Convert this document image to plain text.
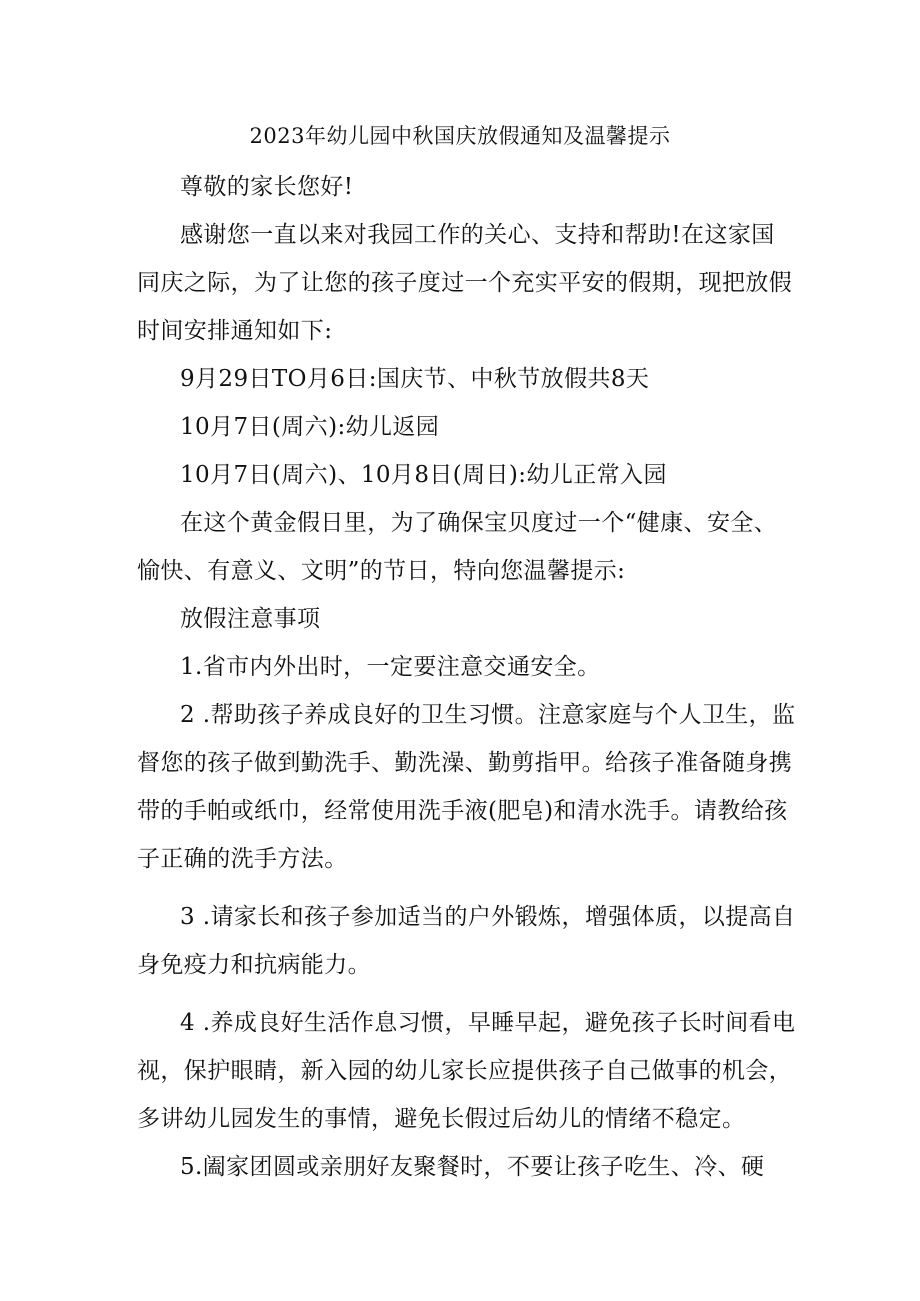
2023年幼儿园中秋国庆放假通知及温馨提示

尊敬的家长您好!

感谢您一直以来对我园工作的关心、支持和帮助!在这家国同庆之际，为了让您的孩子度过一个充实平安的假期，现把放假时间安排通知如下:

9月29日TO月6日:国庆节、中秋节放假共8天

10月7日(周六):幼儿返园

10月7日(周六)、10月8日(周日):幼儿正常入园

在这个黄金假日里，为了确保宝贝度过一个“健康、安全、愉快、有意义、文明”的节日，特向您温馨提示:

放假注意事项

1.省市内外出时，一定要注意交通安全。

2 .帮助孩子养成良好的卫生习惯。注意家庭与个人卫生，监督您的孩子做到勤洗手、勤洗澡、勤剪指甲。给孩子准备随身携带的手帕或纸巾，经常使用洗手液(肥皂)和清水洗手。请教给孩子正确的洗手方法。

3 .请家长和孩子参加适当的户外锻炼，增强体质，以提高自身免疫力和抗病能力。

4 .养成良好生活作息习惯，早睡早起，避免孩子长时间看电视，保护眼睛，新入园的幼儿家长应提供孩子自己做事的机会，多讲幼儿园发生的事情，避免长假过后幼儿的情绪不稳定。

5.阖家团圆或亲朋好友聚餐时，不要让孩子吃生、冷、硬
